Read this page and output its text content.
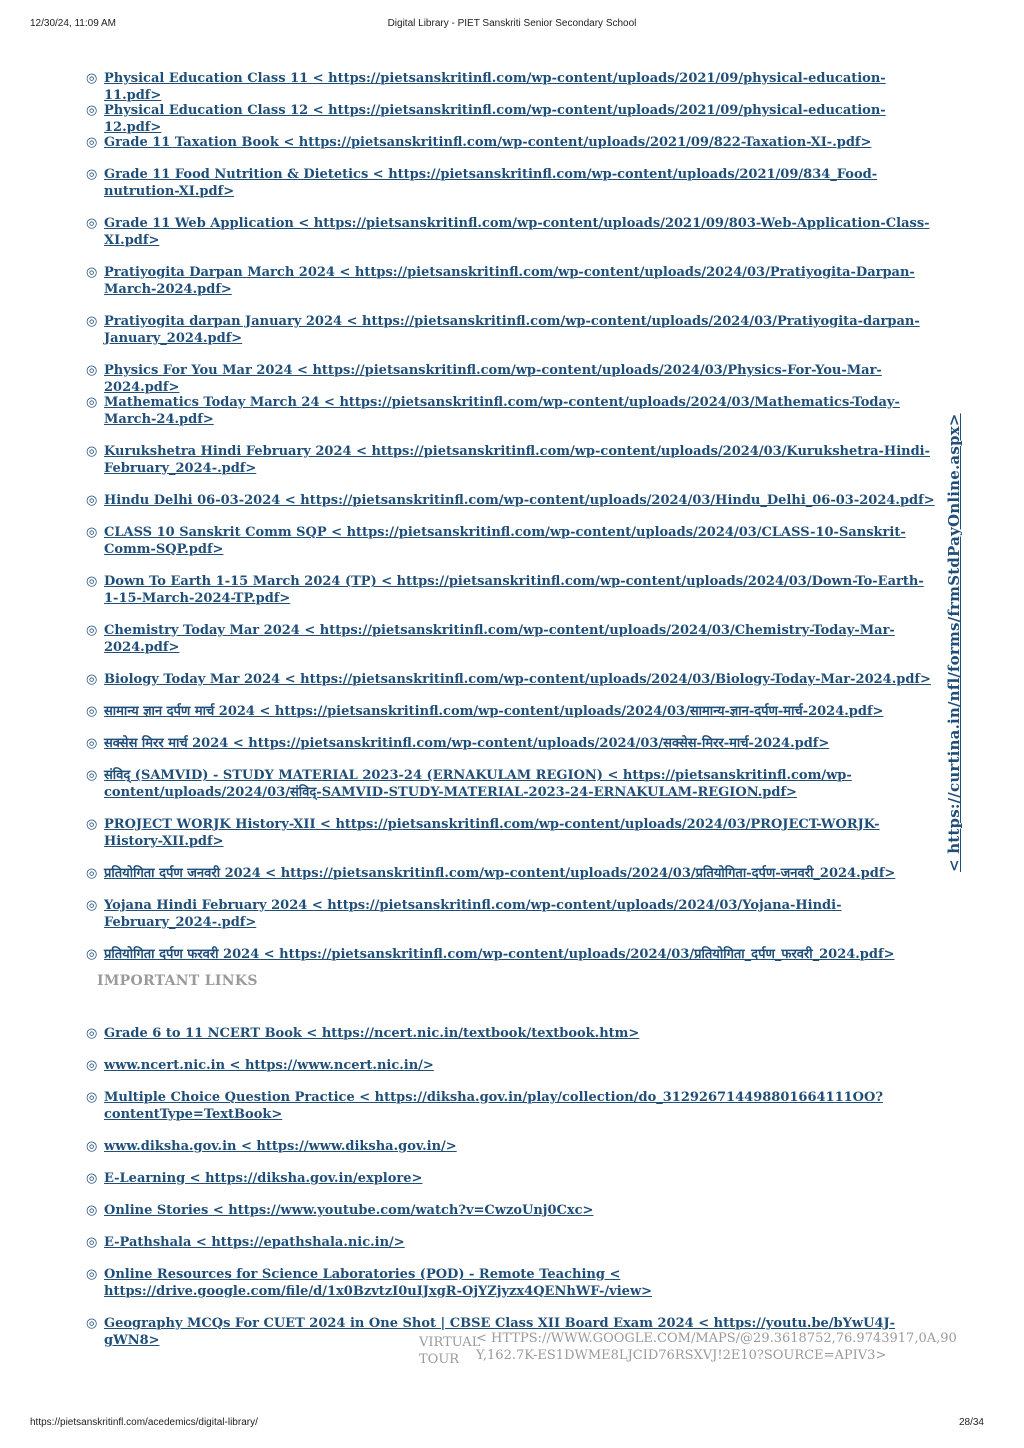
12/30/24, 11:09 AM	Digital Library - PIET Sanskriti Senior Secondary School
◎ Physical Education Class 11 < https://pietsanskritinfl.com/wp-content/uploads/2021/09/physical-education-11.pdf>
◎ Physical Education Class 12 < https://pietsanskritinfl.com/wp-content/uploads/2021/09/physical-education-12.pdf>
◎ Grade 11 Taxation Book < https://pietsanskritinfl.com/wp-content/uploads/2021/09/822-Taxation-XI-.pdf>
◎ Grade 11 Food Nutrition & Dietetics < https://pietsanskritinfl.com/wp-content/uploads/2021/09/834_Food-nutrution-XI.pdf>
◎ Grade 11 Web Application < https://pietsanskritinfl.com/wp-content/uploads/2021/09/803-Web-Application-Class-XI.pdf>
◎ Pratiyogita Darpan March 2024 < https://pietsanskritinfl.com/wp-content/uploads/2024/03/Pratiyogita-Darpan-March-2024.pdf>
◎ Pratiyogita darpan January 2024 < https://pietsanskritinfl.com/wp-content/uploads/2024/03/Pratiyogita-darpan-January_2024.pdf>
◎ Physics For You Mar 2024 < https://pietsanskritinfl.com/wp-content/uploads/2024/03/Physics-For-You-Mar-2024.pdf>
◎ Mathematics Today March 24 < https://pietsanskritinfl.com/wp-content/uploads/2024/03/Mathematics-Today-March-24.pdf>
◎ Kurukshetra Hindi February 2024 < https://pietsanskritinfl.com/wp-content/uploads/2024/03/Kurukshetra-Hindi-February_2024-.pdf>
◎ Hindu Delhi 06-03-2024 < https://pietsanskritinfl.com/wp-content/uploads/2024/03/Hindu_Delhi_06-03-2024.pdf>
◎ CLASS 10 Sanskrit Comm SQP < https://pietsanskritinfl.com/wp-content/uploads/2024/03/CLASS-10-Sanskrit-Comm-SQP.pdf>
◎ Down To Earth 1-15 March 2024 (TP) < https://pietsanskritinfl.com/wp-content/uploads/2024/03/Down-To-Earth-1-15-March-2024-TP.pdf>
◎ Chemistry Today Mar 2024 < https://pietsanskritinfl.com/wp-content/uploads/2024/03/Chemistry-Today-Mar-2024.pdf>
◎ Biology Today Mar 2024 < https://pietsanskritinfl.com/wp-content/uploads/2024/03/Biology-Today-Mar-2024.pdf>
◎ सामान्य ज्ञान दर्पण मार्च 2024 < https://pietsanskritinfl.com/wp-content/uploads/2024/03/सामान्य-ज्ञान-दर्पण-मार्च-2024.pdf>
◎ सक्सेस मिरर मार्च 2024 < https://pietsanskritinfl.com/wp-content/uploads/2024/03/सक्सेस-मिरर-मार्च-2024.pdf>
◎ संविद् (SAMVID) - STUDY MATERIAL 2023-24 (ERNAKULAM REGION) < https://pietsanskritinfl.com/wp-content/uploads/2024/03/संविद्-SAMVID-STUDY-MATERIAL-2023-24-ERNAKULAM-REGION.pdf>
◎ PROJECT WORJK History-XII < https://pietsanskritinfl.com/wp-content/uploads/2024/03/PROJECT-WORJK-History-XII.pdf>
◎ प्रतियोगिता दर्पण जनवरी 2024 < https://pietsanskritinfl.com/wp-content/uploads/2024/03/प्रतियोगिता-दर्पण-जनवरी_2024.pdf>
◎ Yojana Hindi February 2024 < https://pietsanskritinfl.com/wp-content/uploads/2024/03/Yojana-Hindi-February_2024-.pdf>
◎ प्रतियोगिता दर्पण फरवरी 2024 < https://pietsanskritinfl.com/wp-content/uploads/2024/03/प्रतियोगिता_दर्पण_फरवरी_2024.pdf>
IMPORTANT LINKS
◎ Grade 6 to 11 NCERT Book < https://ncert.nic.in/textbook/textbook.htm>
◎ www.ncert.nic.in < https://www.ncert.nic.in/>
◎ Multiple Choice Question Practice < https://diksha.gov.in/play/collection/do_312926714498801664111OO?contentType=TextBook>
◎ www.diksha.gov.in < https://www.diksha.gov.in/>
◎ E-Learning < https://diksha.gov.in/explore>
◎ Online Stories < https://www.youtube.com/watch?v=CwzoUnj0Cxc>
◎ E-Pathshala < https://epathshala.nic.in/>
◎ Online Resources for Science Laboratories (POD) - Remote Teaching < https://drive.google.com/file/d/1x0BzvtzI0uIJxgR-OjYZjyzx4QENhWF-/view>
◎ Geography MCQs For CUET 2024 in One Shot | CBSE Class XII Board Exam 2024 < https://youtu.be/bYwU4J-gWN8>
< https://curtina.in/nfl/forms/frmStdPayOnline.aspx>
VIRTUAL TOUR
< HTTPS://WWW.GOOGLE.COM/MAPS/@29.3618752,76.9743917,0A,90Y,162.7K-ES1DWME8LJCID76RSXVJ!2E10?SOURCE=APIV3>
https://pietsanskritinfl.com/acedemics/digital-library/	28/34
